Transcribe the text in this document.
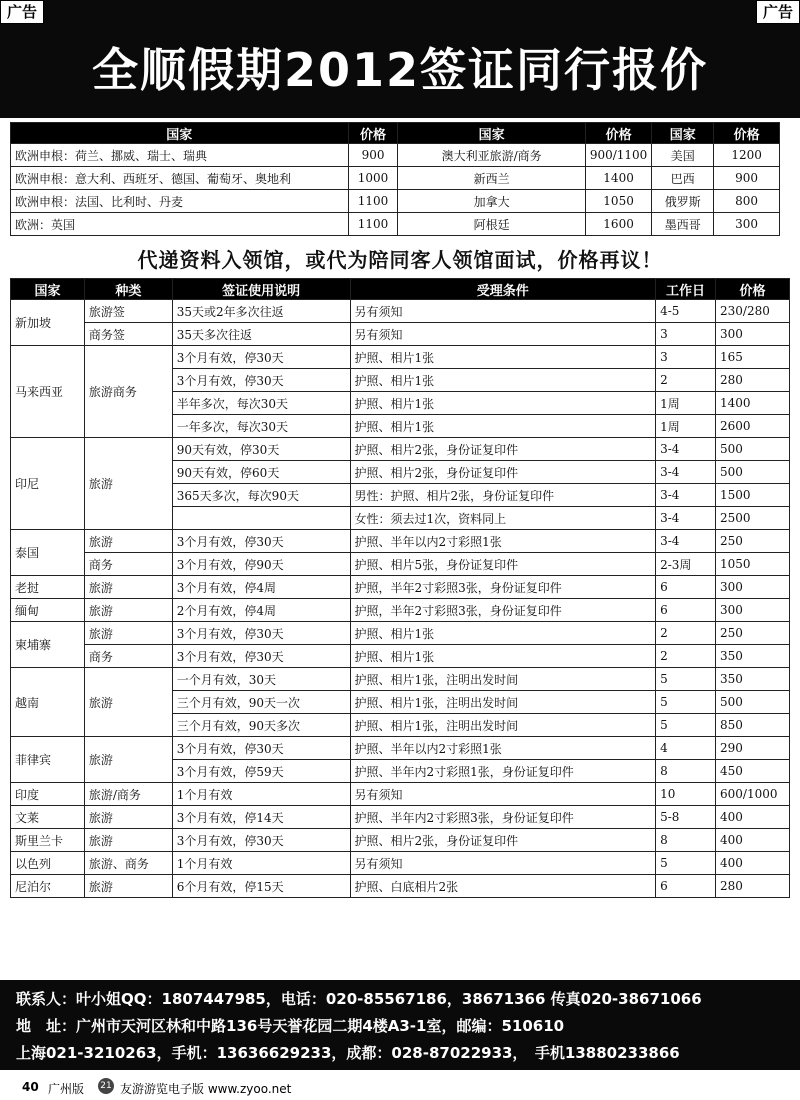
广告	广告
全顺假期2012签证同行报价
国家	价格	国家	价格	国家	价格
欧洲申根：荷兰、挪威、瑞士、瑞典	900	澳大利亚旅游/商务	900/1100	美国	1200
欧洲申根：意大利、西班牙、德国、葡萄牙、奥地利	1000	新西兰	1400	巴西	900
欧洲申根：法国、比利时、丹麦	1100	加拿大	1050	俄罗斯	800
欧洲：英国	1100	阿根廷	1600	墨西哥	300
代递资料入领馆，或代为陪同客人领馆面试，价格再议！
国家	种类	签证使用说明	受理条件	工作日	价格
新加坡	旅游签	35天或2年多次往返	另有须知	4-5	230/280
	商务签	35天多次往返	另有须知	3	300
马来西亚	旅游商务	3个月有效，停30天	护照、相片1张	3	165
		3个月有效，停30天	护照、相片1张	2	280
		半年多次，每次30天	护照、相片1张	1周	1400
		一年多次，每次30天	护照、相片1张	1周	2600
印尼	旅游	90天有效，停30天	护照、相片2张，身份证复印件	3-4	500
		90天有效，停60天	护照、相片2张，身份证复印件	3-4	500
		365天多次，每次90天	男性：护照、相片2张，身份证复印件	3-4	1500
			女性：须去过1次，资料同上	3-4	2500
泰国	旅游	3个月有效，停30天	护照、半年以内2寸彩照1张	3-4	250
	商务	3个月有效，停90天	护照、相片5张，身份证复印件	2-3周	1050
老挝	旅游	3个月有效，停4周	护照，半年2寸彩照3张，身份证复印件	6	300
缅甸	旅游	2个月有效，停4周	护照，半年2寸彩照3张，身份证复印件	6	300
柬埔寨	旅游	3个月有效，停30天	护照、相片1张	2	250
	商务	3个月有效，停30天	护照、相片1张	2	350
越南	旅游	一个月有效，30天	护照、相片1张，注明出发时间	5	350
		三个月有效，90天一次	护照、相片1张，注明出发时间	5	500
		三个月有效，90天多次	护照、相片1张，注明出发时间	5	850
菲律宾	旅游	3个月有效，停30天	护照、半年以内2寸彩照1张	4	290
		3个月有效，停59天	护照、半年内2寸彩照1张，身份证复印件	8	450
印度	旅游/商务	1个月有效	另有须知	10	600/1000
文莱	旅游	3个月有效，停14天	护照、半年内2寸彩照3张，身份证复印件	5-8	400
斯里兰卡	旅游	3个月有效，停30天	护照、相片2张，身份证复印件	8	400
以色列	旅游、商务	1个月有效	另有须知	5	400
尼泊尔	旅游	6个月有效，停15天	护照、白底相片2张	6	280
联系人：叶小姐QQ：1807447985，电话：020-85567186，38671366 传真020-38671066
地　址：广州市天河区林和中路136号天誉花园二期4楼A3-1室，邮编：510610
上海021-3210263，手机：13636629233，成都：028-87022933，　手机13880233866
40 广州版 21 友游游览电子版 www.zyoo.net
